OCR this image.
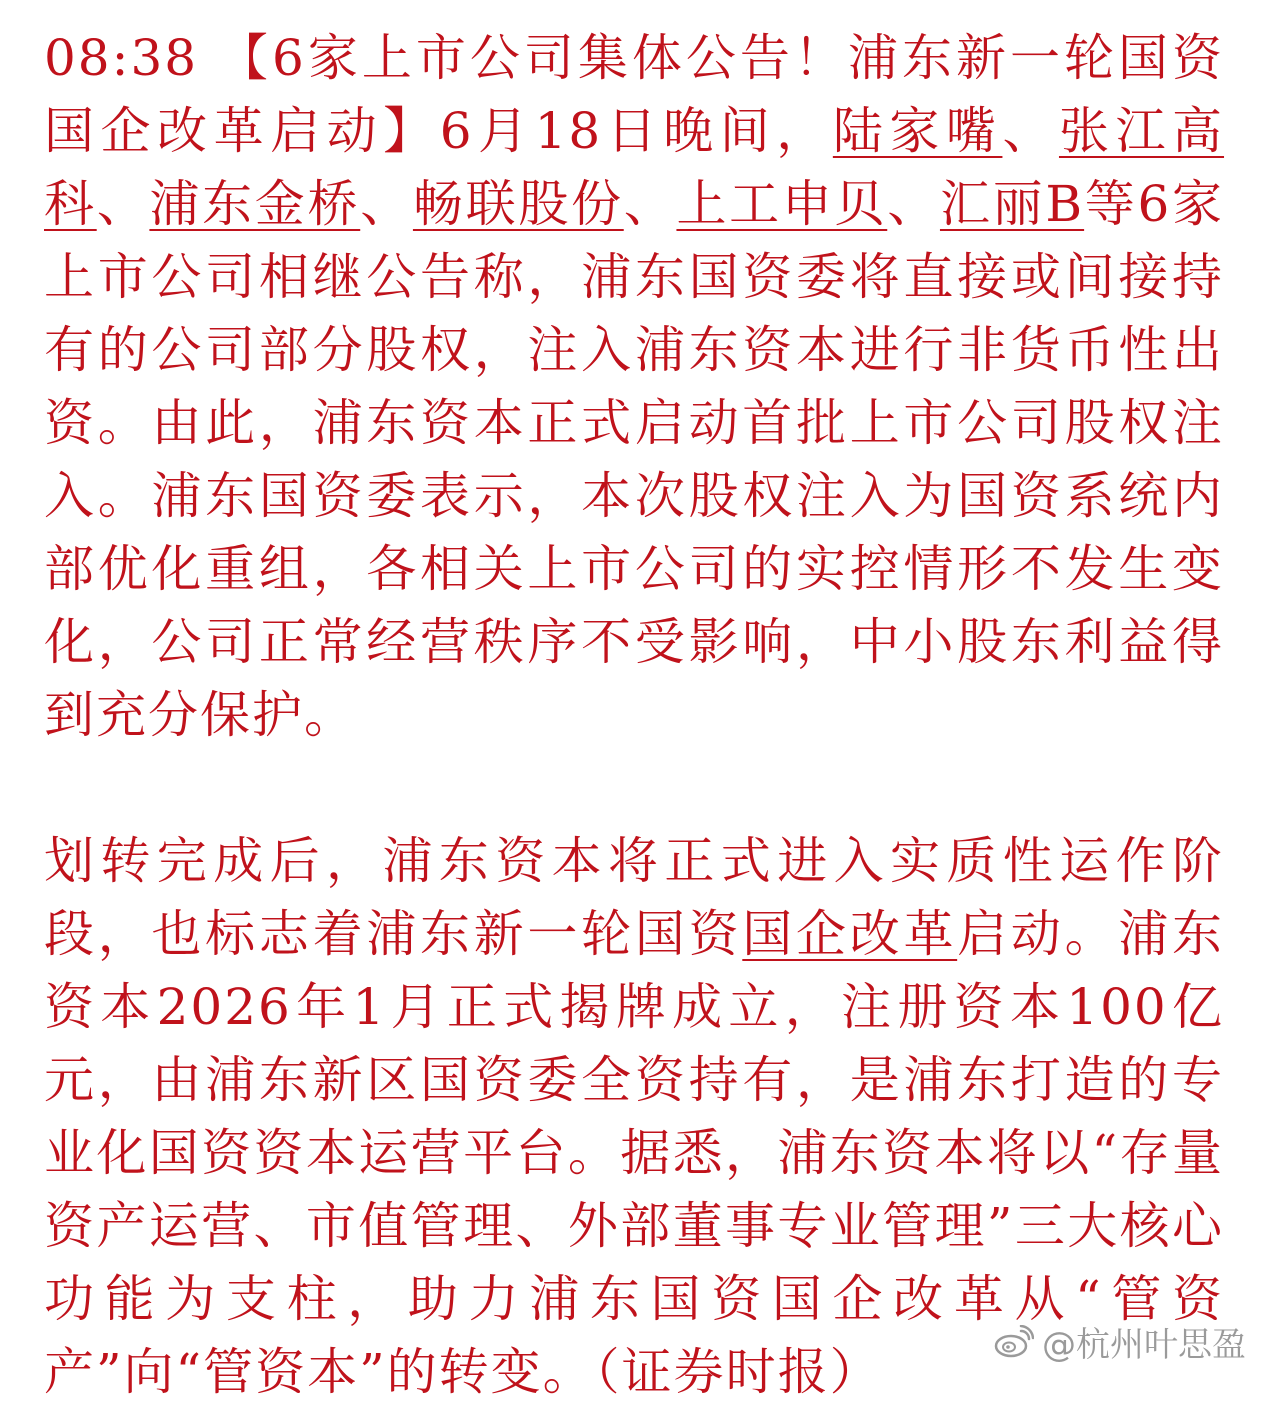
08:38 【6家上市公司集体公告！浦东新一轮国资国企改革启动】6月18日晚间，陆家嘴、张江高科、浦东金桥、畅联股份、上工申贝、汇丽B等6家上市公司相继公告称，浦东国资委将直接或间接持有的公司部分股权，注入浦东资本进行非货币性出资。由此，浦东资本正式启动首批上市公司股权注入。浦东国资委表示，本次股权注入为国资系统内部优化重组，各相关上市公司的实控情形不发生变化，公司正常经营秩序不受影响，中小股东利益得到充分保护。

划转完成后，浦东资本将正式进入实质性运作阶段，也标志着浦东新一轮国资国企改革启动。浦东资本2026年1月正式揭牌成立，注册资本100亿元，由浦东新区国资委全资持有，是浦东打造的专业化国资资本运营平台。据悉，浦东资本将以“存量资产运营、市值管理、外部董事专业管理”三大核心功能为支柱，助力浦东国资国企改革从“管资产”向“管资本”的转变。（证券时报）	@杭州叶思盈
